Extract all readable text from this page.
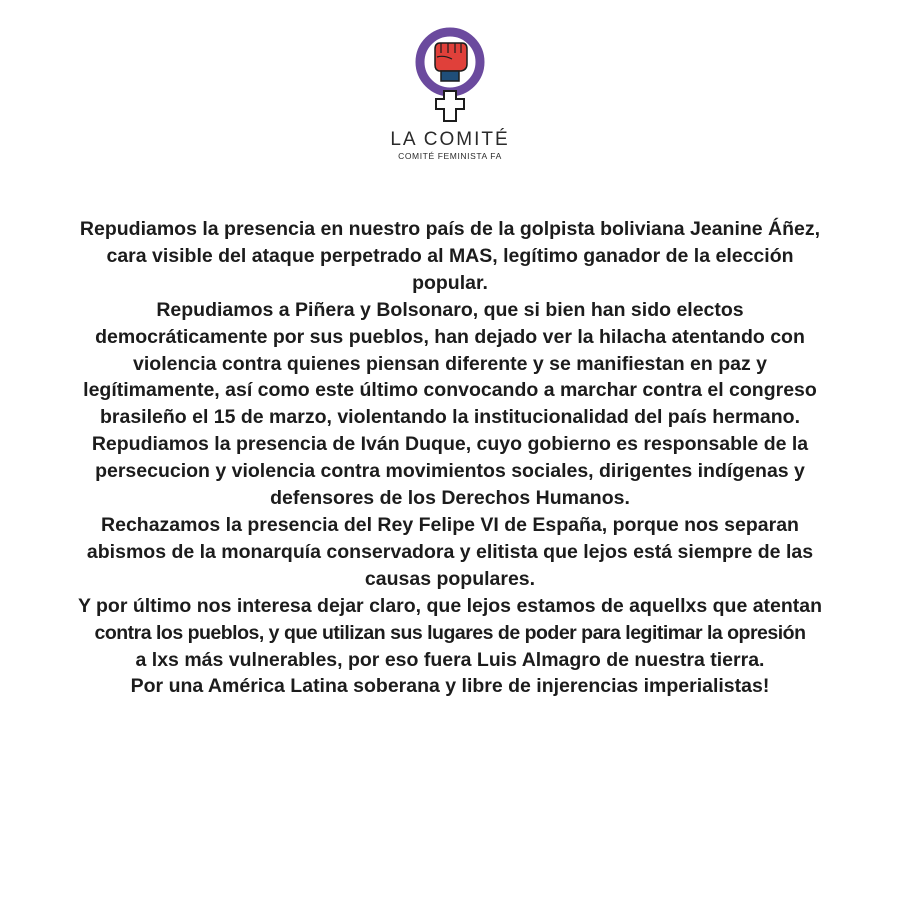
LA COMITÉ
COMITÉ FEMINISTA FA
Repudiamos la presencia en nuestro país de la golpista boliviana Jeanine Áñez,
cara visible del ataque perpetrado al MAS, legítimo ganador de la elección
popular.
Repudiamos a Piñera y Bolsonaro, que si bien han sido electos
democráticamente por sus pueblos, han dejado ver la hilacha atentando con
violencia contra quienes piensan diferente y se manifiestan en paz y
legítimamente, así como este último convocando a marchar contra el congreso
brasileño el 15 de marzo, violentando la institucionalidad del país hermano.
Repudiamos la presencia de Iván Duque, cuyo gobierno es responsable de la
persecucion y violencia contra movimientos sociales, dirigentes indígenas y
defensores de los Derechos Humanos.
Rechazamos la presencia del Rey Felipe VI de España, porque nos separan
abismos de la monarquía conservadora y elitista que lejos está siempre de las
causas populares.
Y por último nos interesa dejar claro, que lejos estamos de aquellxs que atentan
contra los pueblos, y que utilizan sus lugares de poder para legitimar la opresión
a lxs más vulnerables, por eso fuera Luis Almagro de nuestra tierra.
Por una América Latina soberana y libre de injerencias imperialistas!
